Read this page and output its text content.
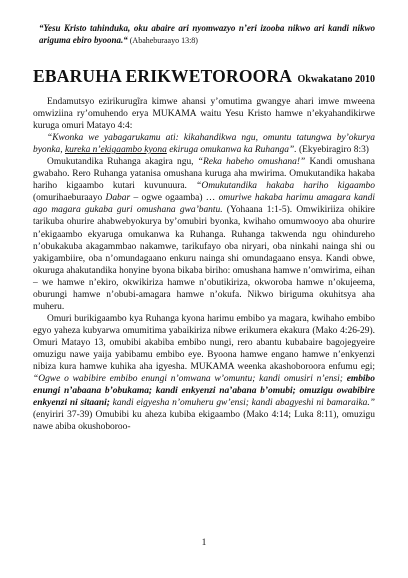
“Yesu Kristo tahinduka, oku abaire ari nyomwazyo n’eri izooba nikwo ari kandi nikwo ariguma ebiro byoona.“ (Abaheburaayo 13:8)
EBARUHA ERIKWETOROORA Okwakatano 2010

Endamutsyo ezirikurugĩra kimwe ahansi y’omutima gwangye ahari imwe mweena omwiziina ry’omuhendo erya MUKAMA waitu Yesu Kristo hamwe n’ekyahandikirwe kuruga omuri Matayo 4:4:

“Kwonka we yabagarukamu ati: kikahandikwa ngu, omuntu tatungwa by’okurya byonka, kureka n’ekigaambo kyona ekiruga omukanwa ka Ruhanga”. (Ekyebiragiro 8:3)

Omukutandika Ruhanga akagira ngu, “Reka habeho omushana!” Kandi omushana gwabaho. Rero Ruhanga yatanisa omushana kuruga aha mwirima. Omukutandika hakaba hariho kigaambo kutari kuvunuura. “Omukutandika hakaba hariho kigaambo (omurihaeburaayo Dabar – ogwe ogaamba) … omuriwe hakaba harimu amagara kandi ago magara gukaba guri omushana gwa’bantu. (Yohaana 1:1-5). Omwikiriiza ohikire tarikuba ohurire ahabwebyokurya by’omubiri byonka, kwihaho omumwooyo aba ohurire n’ekigaambo ekyaruga omukanwa ka Ruhanga. Ruhanga takwenda ngu ohindureho n’obukakuba akagammbao nakamwe, tarikufayo oba niryari, oba ninkahi nainga shi ou yakigambiire, oba n’omundagaano enkuru nainga shi omundagaano ensya. Kandi obwe, okuruga ahakutandika honyine byona bikaba biriho: omushana hamwe n’omwirima, eihan – we hamwe n’ekiro, okwikiriza hamwe n’obutikiriza, okworoba hamwe n’okujeema, oburungi hamwe n’obubi-amagara hamwe n’okufa. Nikwo biriguma okuhitsya aha muheru.

Omuri burikigaambo kya Ruhanga kyona harimu embibo ya magara, kwihaho embibo egyo yaheza kubyarwa omumitima yabaikiriza nibwe erikumera ekakura (Mako 4:26-29). Omuri Matayo 13, omubibi akabiba embibo nungi, rero abantu kubabaire bagojegyeire omuzigu nawe yaija yabibamu embibo eye. Byoona hamwe engano hamwe n’enkyenzi nibiza kura hamwe kuhika aha igyesha. MUKAMA weenka akashoboroora enfumu egi; “Ogwe o wabibire embibo enungi n’omwana w’omuntu; kandi omusiri n’ensi; embibo enungi n’abaana b’obukama; kandi enkyenzi na’abana b’omubi; omuzigu owabibire enkyenzi ni sitaani; kandi eigyesha n’omuheru gw’ensi; kandi abagyeshi ni bamaraika.” (enyiriri 37-39) Omubibi ku aheza kubiba ekigaambo (Mako 4:14; Luka 8:11), omuzigu nawe abiba okushoboroo-

1
